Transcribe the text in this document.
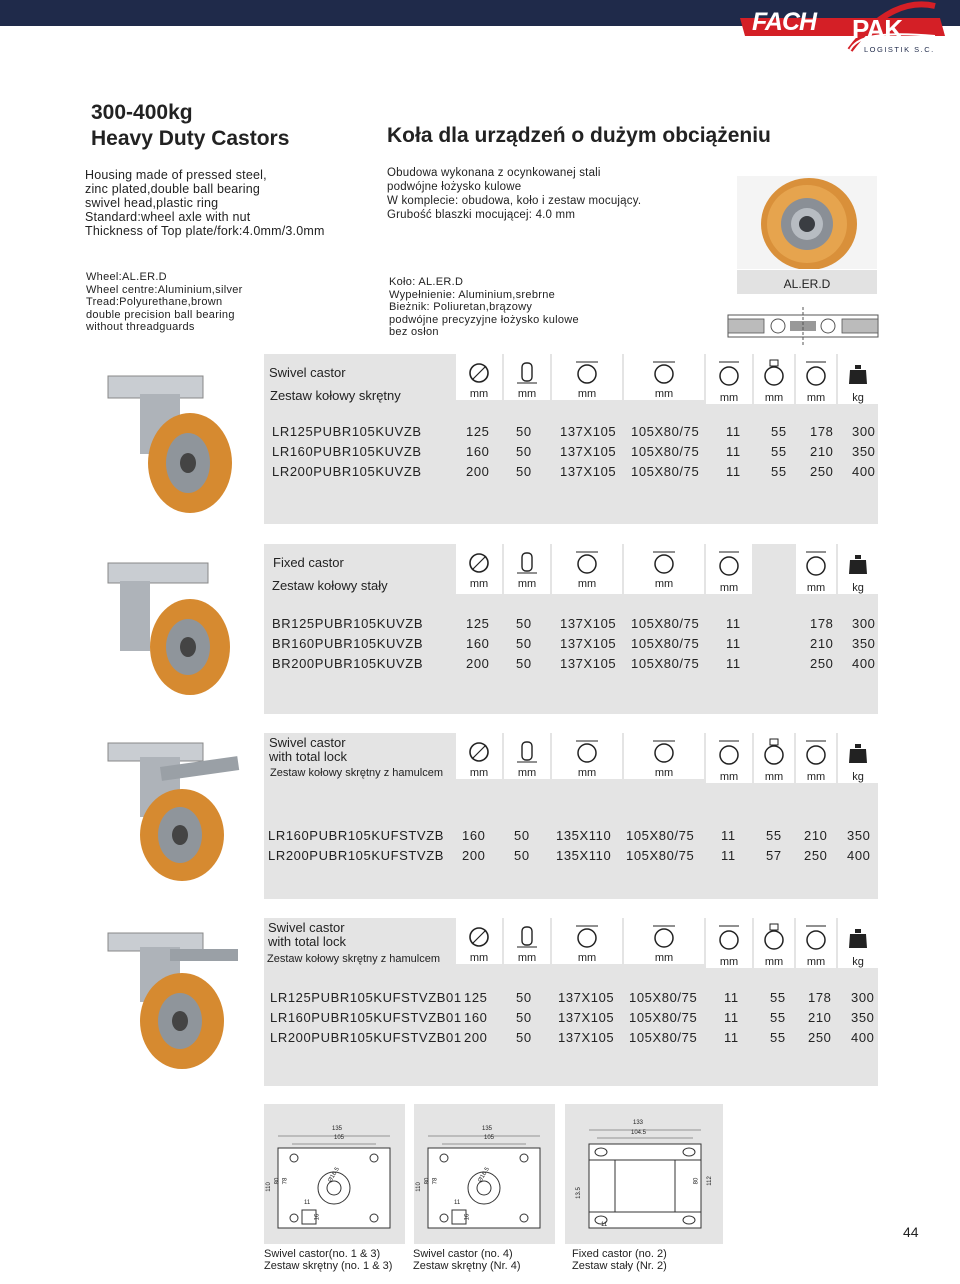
FACH PAK
LOGISTIK S.C.
300-400kg
Heavy Duty Castors	Koła dla urządzeń o dużym obciążeniu
Housing made of pressed steel,
zinc plated,double ball bearing
swivel head,plastic ring
Standard:wheel axle with nut
Thickness of Top plate/fork:4.0mm/3.0mm
Obudowa wykonana z ocynkowanej stali
podwójne łożysko kulowe
W komplecie: obudowa, koło i zestaw mocujący.
Grubość blaszki mocującej: 4.0 mm
Wheel:AL.ER.D
Wheel centre:Aluminium,silver
Tread:Polyurethane,brown
double precision ball bearing
without threadguards
Koło: AL.ER.D
Wypełnienie: Aluminium,srebrne
Bieżnik: Poliuretan,brązowy
podwójne precyzyjne łożysko kulowe
bez osłon
AL.ER.D
Swivel castor
Zestaw kołowy skrętny	mm	mm	mm	mm	mm	mm	mm	kg
LR125PUBR105KUVZB	125 50 137X105 105X80/75 11 55 178 300
LR160PUBR105KUVZB	160 50 137X105 105X80/75 11 55 210 350
LR200PUBR105KUVZB	200 50 137X105 105X80/75 11 55 250 400
Fixed castor
Zestaw kołowy stały	mm	mm	mm	mm	mm	mm	kg
BR125PUBR105KUVZB	125 50 137X105 105X80/75 11	178 300
BR160PUBR105KUVZB	160 50 137X105 105X80/75 11	210 350
BR200PUBR105KUVZB	200 50 137X105 105X80/75 11	250 400
Swivel castor
with total lock
Zestaw kołowy skrętny z hamulcem	mm	mm	mm	mm	mm	mm	mm	kg
LR160PUBR105KUFSTVZB 160 50 135X110 105X80/75 11 55 210 350
LR200PUBR105KUFSTVZB 200 50 135X110 105X80/75 11 57 250 400
Swivel castor
with total lock
Zestaw kołowy skrętny z hamulcem	mm	mm	mm	mm	mm	mm	mm	kg
LR125PUBR105KUFSTVZB01 125 50 137X105 105X80/75 11 55 178 300
LR160PUBR105KUFSTVZB01 160 50 137X105 105X80/75 11 55 210 350
LR200PUBR105KUFSTVZB01 200 50 137X105 105X80/75 11 55 250 400
135
105
110
80 78	Ø16.5
11
16
135
105
110
80 78	Ø16.5
11
16
133
104.5
13.5
80 112
11
Swivel castor(no. 1 & 3)
Zestaw skrętny (no. 1 & 3)
Swivel castor (no. 4)
Zestaw skrętny (Nr. 4)
Fixed castor (no. 2)
Zestaw stały (Nr. 2)
44
